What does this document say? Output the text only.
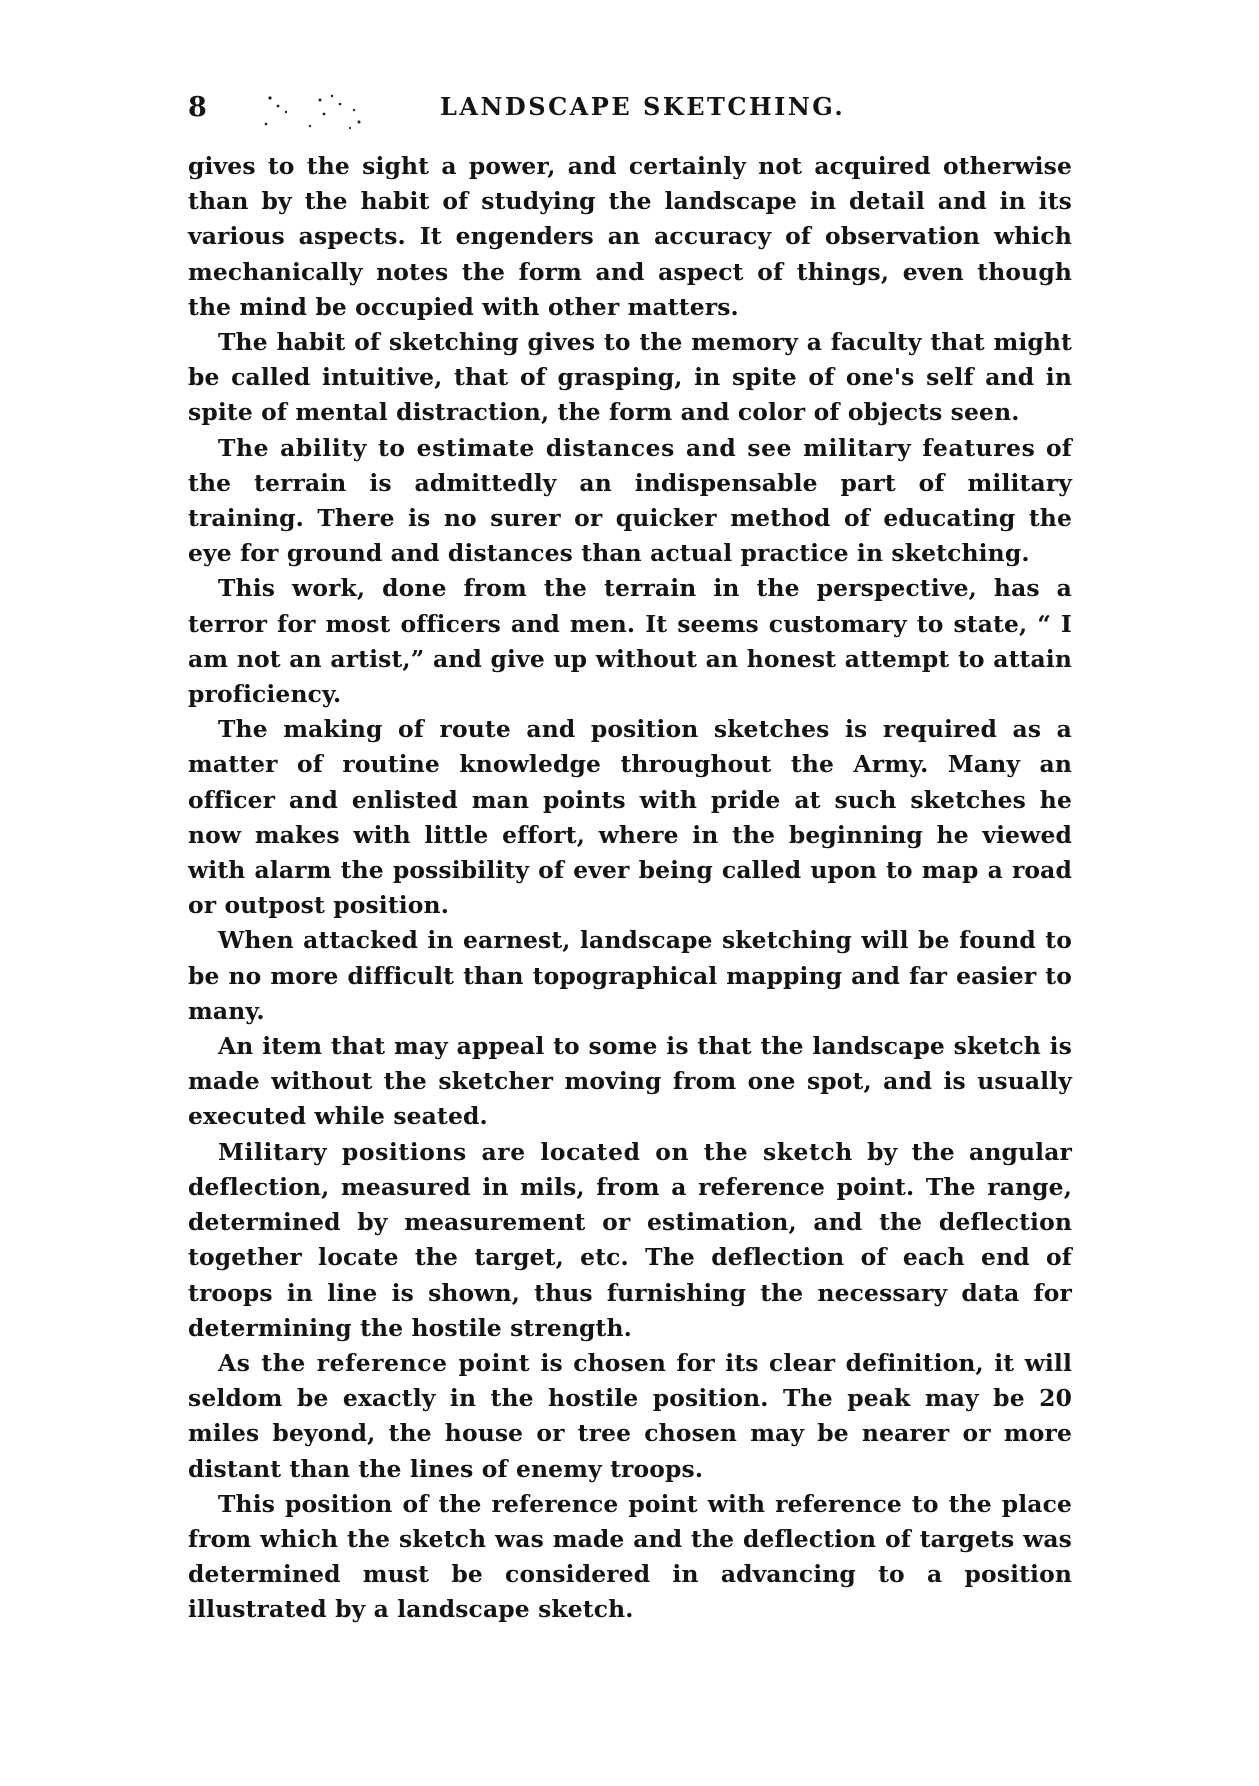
8	LANDSCAPE SKETCHING.

gives to the sight a power, and certainly not acquired otherwise than by the habit of studying the landscape in detail and in its various aspects. It engenders an accuracy of observation which mechanically notes the form and aspect of things, even though the mind be occupied with other matters.

The habit of sketching gives to the memory a faculty that might be called intuitive, that of grasping, in spite of one's self and in spite of mental distraction, the form and color of objects seen.

The ability to estimate distances and see military features of the terrain is admittedly an indispensable part of military training. There is no surer or quicker method of educating the eye for ground and distances than actual practice in sketching.

This work, done from the terrain in the perspective, has a terror for most officers and men. It seems customary to state, “ I am not an artist,” and give up without an honest attempt to attain proficiency.

The making of route and position sketches is required as a matter of routine knowledge throughout the Army. Many an officer and enlisted man points with pride at such sketches he now makes with little effort, where in the beginning he viewed with alarm the possibility of ever being called upon to map a road or outpost position.

When attacked in earnest, landscape sketching will be found to be no more difficult than topographical mapping and far easier to many.

An item that may appeal to some is that the landscape sketch is made without the sketcher moving from one spot, and is usually executed while seated.

Military positions are located on the sketch by the angular deflection, measured in mils, from a reference point. The range, determined by measurement or estimation, and the deflection together locate the target, etc. The deflection of each end of troops in line is shown, thus furnishing the necessary data for determining the hostile strength.

As the reference point is chosen for its clear definition, it will seldom be exactly in the hostile position. The peak may be 20 miles beyond, the house or tree chosen may be nearer or more distant than the lines of enemy troops.

This position of the reference point with reference to the place from which the sketch was made and the deflection of targets was determined must be considered in advancing to a position illustrated by a landscape sketch.
